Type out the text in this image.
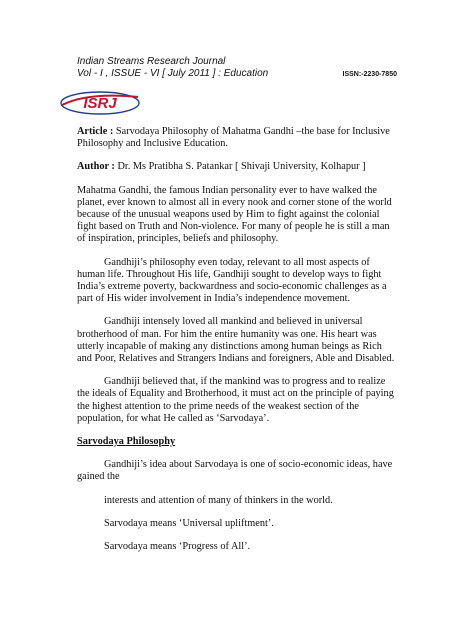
Indian Streams Research Journal
Vol - I , ISSUE - VI [ July 2011 ] : Education	ISSN:-2230-7850
ISRJ

Article : Sarvodaya Philosophy of Mahatma Gandhi –the base for Inclusive Philosophy and Inclusive Education.

Author : Dr. Ms Pratibha S. Patankar [ Shivaji University, Kolhapur ]

Mahatma Gandhi, the famous Indian personality ever to have walked the planet, ever known to almost all in every nook and corner stone of the world because of the unusual weapons used by Him to fight against the colonial fight based on Truth and Non-violence. For many of people he is still a man of inspiration, principles, beliefs and philosophy.

Gandhiji’s philosophy even today, relevant to all most aspects of human life. Throughout His life, Gandhiji sought to develop ways to fight India’s extreme poverty, backwardness and socio-economic challenges as a part of His wider involvement in India’s independence movement.

Gandhiji intensely loved all mankind and believed in universal brotherhood of man. For him the entire humanity was one. His heart was utterly incapable of making any distinctions among human beings as Rich and Poor, Relatives and Strangers Indians and foreigners, Able and Disabled.

Gandhiji believed that, if the mankind was to progress and to realize the ideals of Equality and Brotherhood, it must act on the principle of paying the highest attention to the prime needs of the weakest section of the population, for what He called as ‘Sarvodaya’.

Sarvodaya Philosophy

Gandhiji’s idea about Sarvodaya is one of socio-economic ideas, have gained the

interests and attention of many of thinkers in the world.

Sarvodaya means ‘Universal upliftment’.

Sarvodaya means ‘Progress of All’.
